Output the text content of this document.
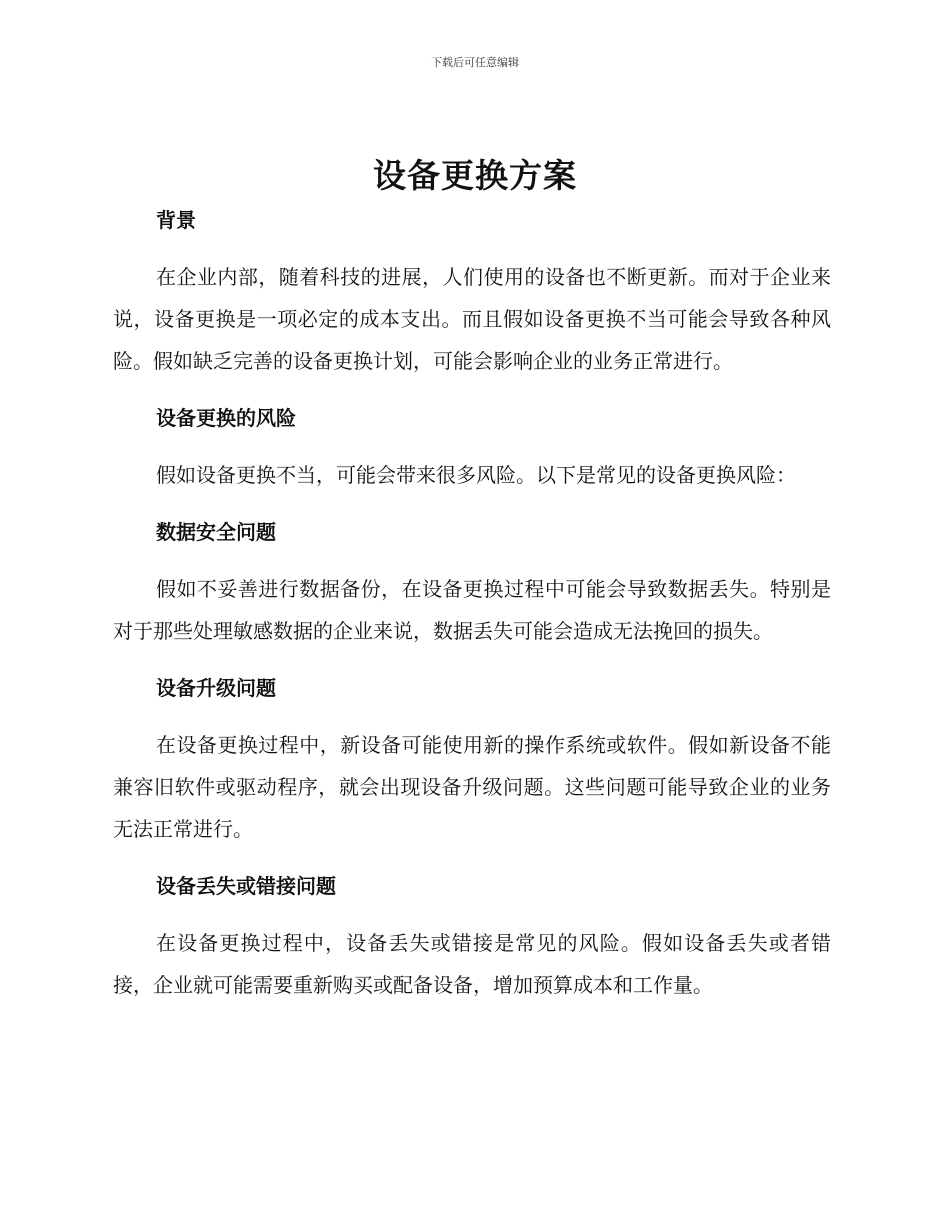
下载后可任意编辑
设备更换方案
背景

在企业内部，随着科技的进展，人们使用的设备也不断更新。而对于企业来说，设备更换是一项必定的成本支出。而且假如设备更换不当可能会导致各种风险。假如缺乏完善的设备更换计划，可能会影响企业的业务正常进行。

设备更换的风险

假如设备更换不当，可能会带来很多风险。以下是常见的设备更换风险：

数据安全问题

假如不妥善进行数据备份，在设备更换过程中可能会导致数据丢失。特别是对于那些处理敏感数据的企业来说，数据丢失可能会造成无法挽回的损失。

设备升级问题

在设备更换过程中，新设备可能使用新的操作系统或软件。假如新设备不能兼容旧软件或驱动程序，就会出现设备升级问题。这些问题可能导致企业的业务无法正常进行。

设备丢失或错接问题

在设备更换过程中，设备丢失或错接是常见的风险。假如设备丢失或者错接，企业就可能需要重新购买或配备设备，增加预算成本和工作量。
